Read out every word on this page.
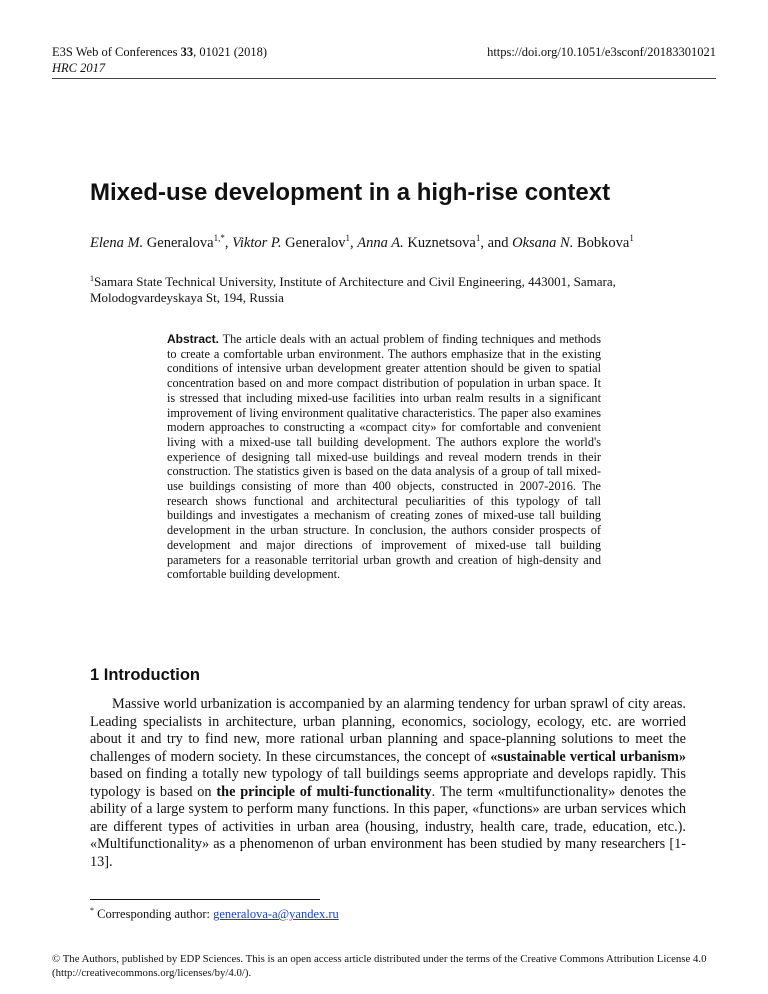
E3S Web of Conferences 33, 01021 (2018)
HRC 2017
https://doi.org/10.1051/e3sconf/20183301021
Mixed-use development in a high-rise context
Elena M. Generalova$^{1,*}$, Viktor P. Generalov$^1$, Anna A. Kuznetsova$^1$, and Oksana N. Bobkova$^1$
$^1$Samara State Technical University, Institute of Architecture and Civil Engineering, 443001, Samara, Molodogvardeyskaya St, 194, Russia
Abstract. The article deals with an actual problem of finding techniques and methods to create a comfortable urban environment. The authors emphasize that in the existing conditions of intensive urban development greater attention should be given to spatial concentration based on and more compact distribution of population in urban space. It is stressed that including mixed-use facilities into urban realm results in a significant improvement of living environment qualitative characteristics. The paper also examines modern approaches to constructing a «compact city» for comfortable and convenient living with a mixed-use tall building development. The authors explore the world's experience of designing tall mixed-use buildings and reveal modern trends in their construction. The statistics given is based on the data analysis of a group of tall mixed-use buildings consisting of more than 400 objects, constructed in 2007-2016. The research shows functional and architectural peculiarities of this typology of tall buildings and investigates a mechanism of creating zones of mixed-use tall building development in the urban structure. In conclusion, the authors consider prospects of development and major directions of improvement of mixed-use tall building parameters for a reasonable territorial urban growth and creation of high-density and comfortable building development.
1 Introduction
Massive world urbanization is accompanied by an alarming tendency for urban sprawl of city areas. Leading specialists in architecture, urban planning, economics, sociology, ecology, etc. are worried about it and try to find new, more rational urban planning and space-planning solutions to meet the challenges of modern society. In these circumstances, the concept of «sustainable vertical urbanism» based on finding a totally new typology of tall buildings seems appropriate and develops rapidly. This typology is based on the principle of multi-functionality. The term «multifunctionality» denotes the ability of a large system to perform many functions. In this paper, «functions» are urban services which are different types of activities in urban area (housing, industry, health care, trade, education, etc.). «Multifunctionality» as a phenomenon of urban environment has been studied by many researchers [1-13].
* Corresponding author: generalova-a@yandex.ru
© The Authors, published by EDP Sciences. This is an open access article distributed under the terms of the Creative Commons Attribution License 4.0 (http://creativecommons.org/licenses/by/4.0/).
